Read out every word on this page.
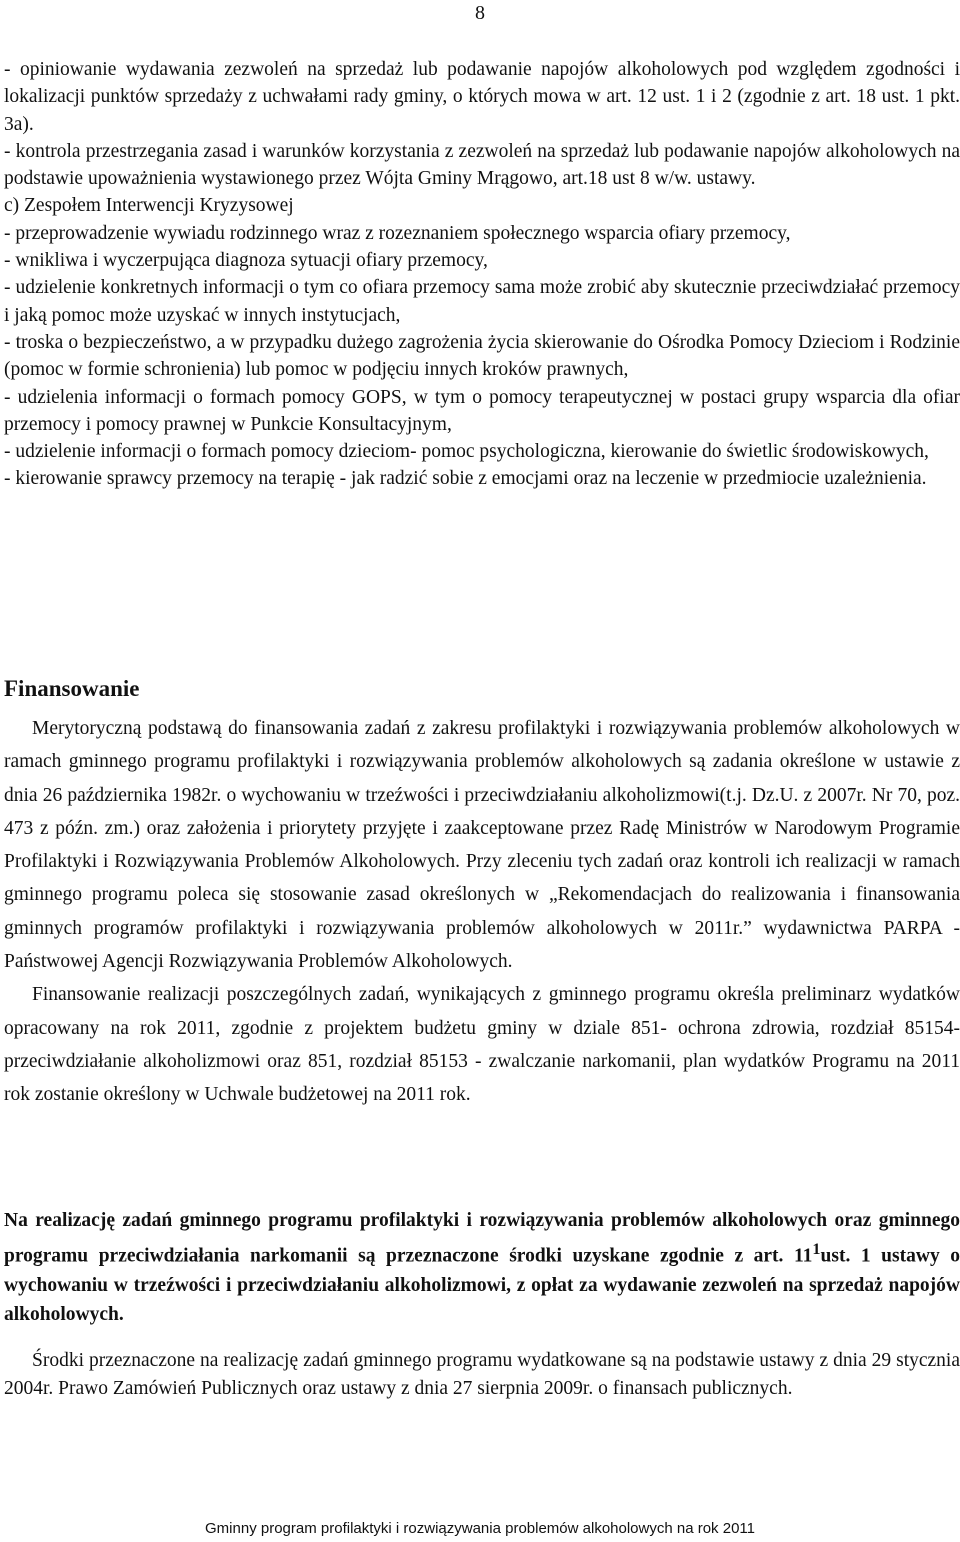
8

- opiniowanie wydawania zezwoleń na sprzedaż lub podawanie napojów alkoholowych pod względem zgodności i lokalizacji punktów sprzedaży z uchwałami rady gminy, o których mowa w art. 12 ust. 1 i 2 (zgodnie z art. 18 ust. 1 pkt. 3a).

- kontrola przestrzegania zasad i warunków korzystania z zezwoleń na sprzedaż lub podawanie napojów alkoholowych na podstawie upoważnienia wystawionego przez Wójta Gminy Mrągowo, art.18 ust 8 w/w. ustawy.

c) Zespołem Interwencji Kryzysowej

- przeprowadzenie wywiadu rodzinnego wraz z rozeznaniem społecznego wsparcia ofiary przemocy,

- wnikliwa i wyczerpująca diagnoza sytuacji ofiary przemocy,

- udzielenie konkretnych informacji o tym co ofiara przemocy sama może zrobić aby skutecznie przeciwdziałać przemocy i jaką pomoc może uzyskać w innych instytucjach,

- troska o bezpieczeństwo, a w przypadku dużego zagrożenia życia skierowanie do Ośrodka Pomocy Dzieciom i Rodzinie (pomoc w formie schronienia) lub pomoc w podjęciu innych kroków prawnych,

- udzielenia informacji o formach pomocy GOPS, w tym o pomocy terapeutycznej w postaci grupy wsparcia dla ofiar przemocy i pomocy prawnej w Punkcie Konsultacyjnym,

- udzielenie informacji o formach pomocy dzieciom- pomoc psychologiczna, kierowanie do świetlic środowiskowych,

- kierowanie sprawcy przemocy na terapię - jak radzić sobie z emocjami oraz na leczenie w przedmiocie uzależnienia.

Finansowanie

Merytoryczną podstawą do finansowania zadań z zakresu profilaktyki i rozwiązywania problemów alkoholowych w ramach gminnego programu profilaktyki i rozwiązywania problemów alkoholowych są zadania określone w ustawie z dnia 26 października 1982r. o wychowaniu w trzeźwości i przeciwdziałaniu alkoholizmowi(t.j. Dz.U. z 2007r. Nr 70, poz. 473 z późn. zm.) oraz założenia i priorytety przyjęte i zaakceptowane przez Radę Ministrów w Narodowym Programie Profilaktyki i Rozwiązywania Problemów Alkoholowych. Przy zleceniu tych zadań oraz kontroli ich realizacji w ramach gminnego programu poleca się stosowanie zasad określonych w „Rekomendacjach do realizowania i finansowania gminnych programów profilaktyki i rozwiązywania problemów alkoholowych w 2011r.” wydawnictwa PARPA - Państwowej Agencji Rozwiązywania Problemów Alkoholowych.

Finansowanie realizacji poszczególnych zadań, wynikających z gminnego programu określa preliminarz wydatków opracowany na rok 2011, zgodnie z projektem budżetu gminy w dziale 851- ochrona zdrowia, rozdział 85154- przeciwdziałanie alkoholizmowi oraz 851, rozdział 85153 - zwalczanie narkomanii, plan wydatków Programu na 2011 rok zostanie określony w Uchwale budżetowej na 2011 rok.

Na realizację zadań gminnego programu profilaktyki i rozwiązywania problemów alkoholowych oraz gminnego programu przeciwdziałania narkomanii są przeznaczone środki uzyskane zgodnie z art. $11^1ust$. 1 ustawy o wychowaniu w trzeźwości i przeciwdziałaniu alkoholizmowi, z opłat za wydawanie zezwoleń na sprzedaż napojów alkoholowych.

Środki przeznaczone na realizację zadań gminnego programu wydatkowane są na podstawie ustawy z dnia 29 stycznia 2004r. Prawo Zamówień Publicznych oraz ustawy z dnia 27 sierpnia 2009r. o finansach publicznych.

Gminny program profilaktyki i rozwiązywania problemów alkoholowych na rok 2011
